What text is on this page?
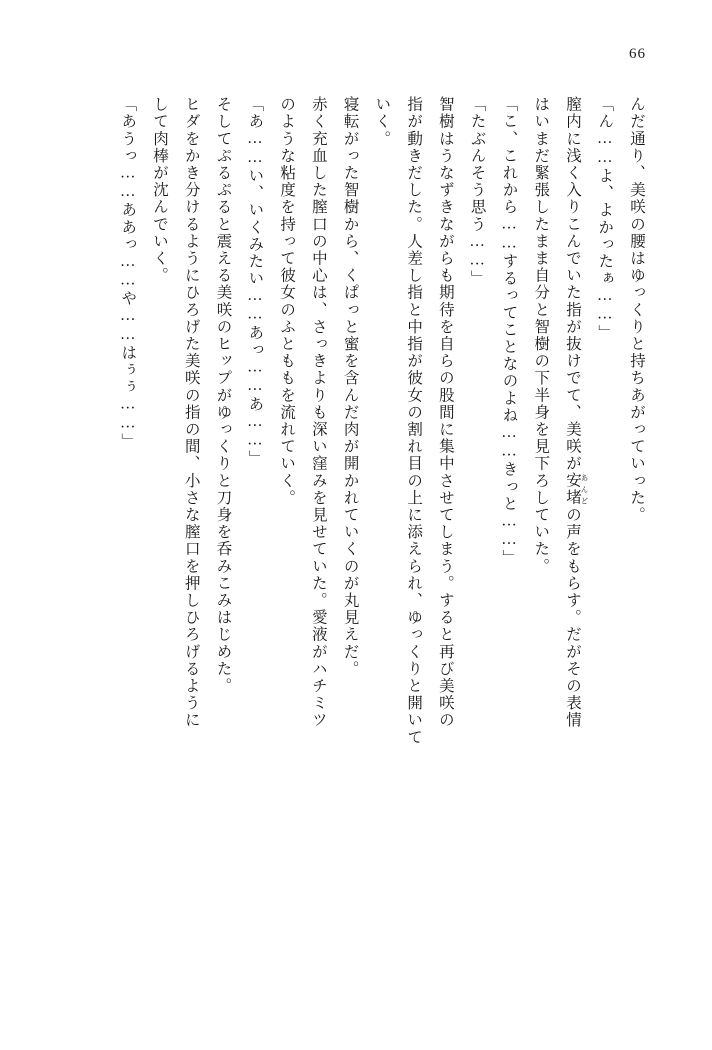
66

んだ通り、美咲の腰はゆっくりと持ちあがっていった。

「ん……よ、よかったぁ……」

膣内に浅く入りこんでいた指が抜けでて、美咲が安堵 あんどの声をもらす。だがその表情

はいまだ緊張したまま自分と智樹の下半身を見下ろしていた。

「こ、これから……するってことなのよね……きっと……」

「たぶんそう思う……」

智樹はうなずきながらも期待を自らの股間に集中させてしまう。すると再び美咲の

指が動きだした。人差し指と中指が彼女の割れ目の上に添えられ、ゆっくりと開いて

いく。

寝転がった智樹から、くぱっと蜜を含んだ肉が開かれていくのが丸見えだ。

赤く充血した膣口の中心は、さっきよりも深い窪みを見せていた。愛液がハチミツ

のような粘度を持って彼女のふとももを流れていく。

「あ……い、いくみたい……あっ……あ……」

そしてぷるぷると震える美咲のヒップがゆっくりと刀身を呑みこみはじめた。

ヒダをかき分けるようにひろげた美咲の指の間、小さな膣口を押しひろげるように

して肉棒が沈んでいく。

「あうっ……ああっ……や……はぅぅ……」
